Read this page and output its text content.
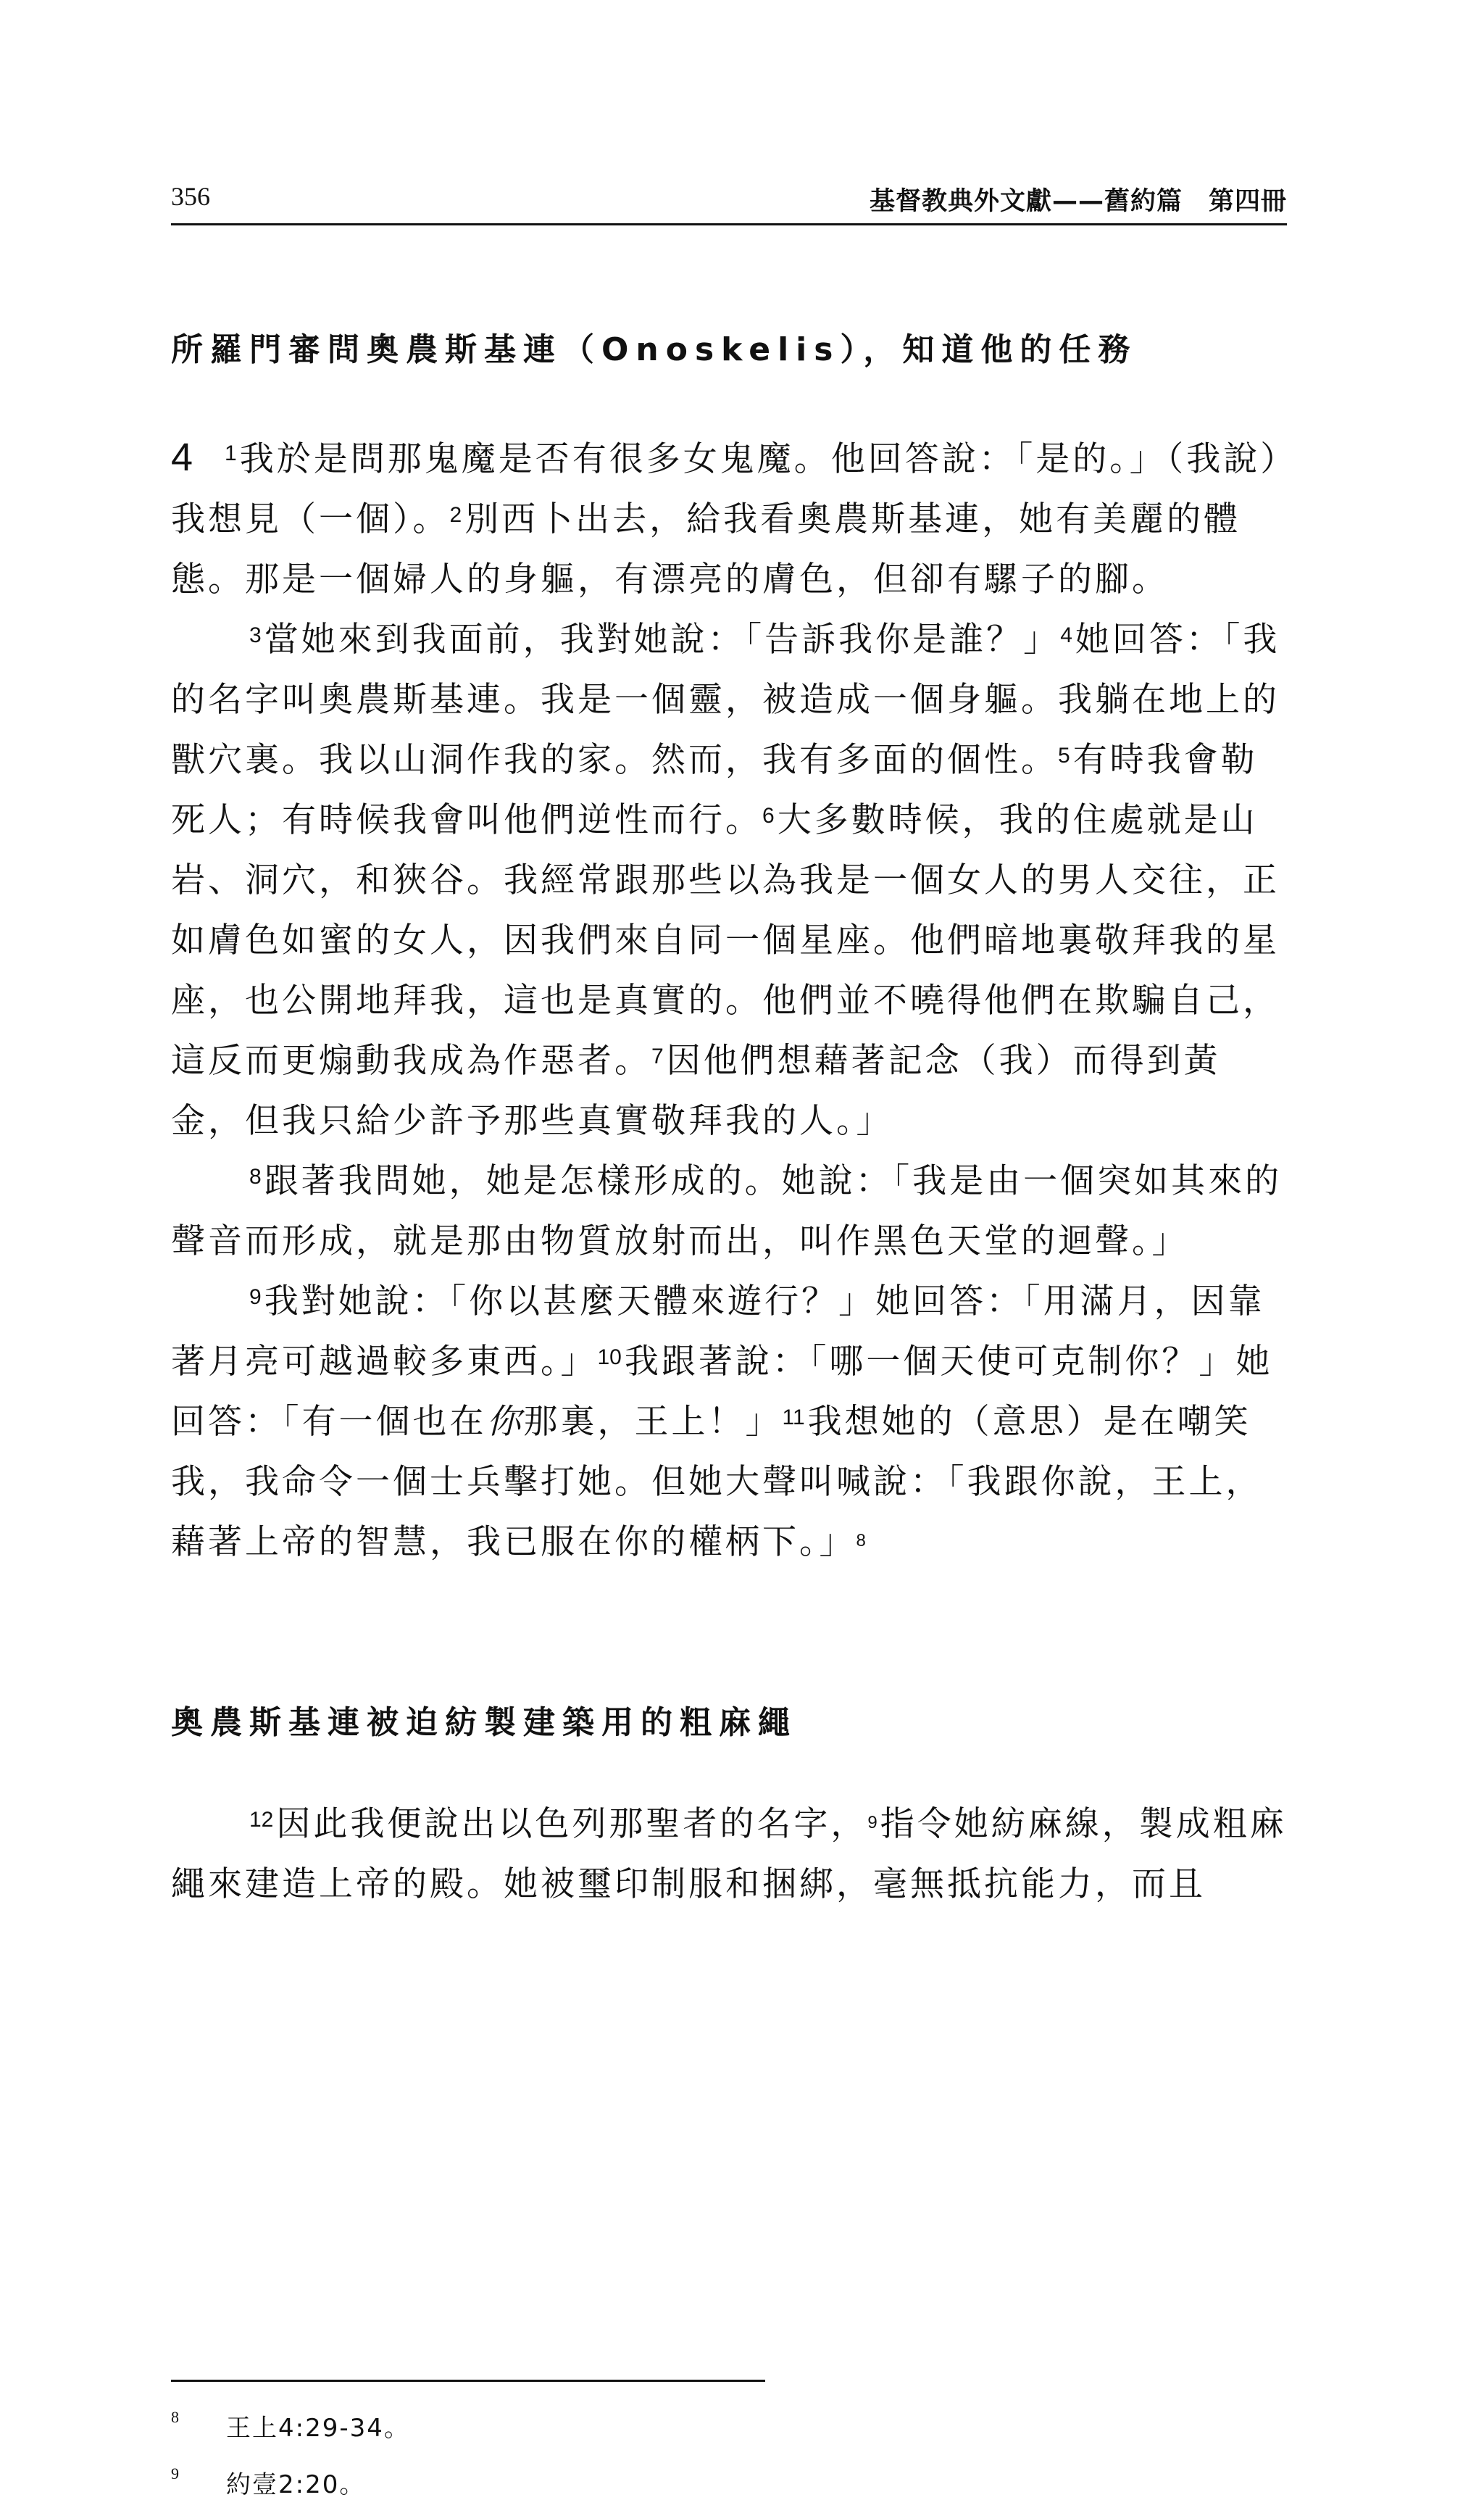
356	基督教典外文獻——舊約篇　第四冊
所羅門審問奧農斯基連（Onoskelis），知道他的任務

4 $^1$我於是問那鬼魔是否有很多女鬼魔。他回答說：「是的。」（我說）我想見（一個）。$^2$別西卜出去，給我看奧農斯基連，她有美麗的體態。那是一個婦人的身軀，有漂亮的膚色，但卻有騾子的腳。

$^3$當她來到我面前，我對她說：「告訴我你是誰？」$^4$她回答：「我的名字叫奧農斯基連。我是一個靈，被造成一個身軀。我躺在地上的獸穴裏。我以山洞作我的家。然而，我有多面的個性。$^5$有時我會勒死人；有時候我會叫他們逆性而行。$^6$大多數時候，我的住處就是山岩、洞穴，和狹谷。我經常跟那些以為我是一個女人的男人交往，正如膚色如蜜的女人，因我們來自同一個星座。他們暗地裏敬拜我的星座，也公開地拜我，這也是真實的。他們並不曉得他們在欺騙自己，這反而更煽動我成為作惡者。$^7$因他們想藉著記念（我）而得到黃金，但我只給少許予那些真實敬拜我的人。」

$^8$跟著我問她，她是怎樣形成的。她說：「我是由一個突如其來的聲音而形成，就是那由物質放射而出，叫作黑色天堂的迴聲。」

$^9$我對她說：「你以甚麼天體來遊行？」她回答：「用滿月，因靠著月亮可越過較多東西。」$^{10}$我跟著說：「哪一個天使可克制你？」她回答：「有一個也在你那裏，王上！」$^{11}$我想她的（意思）是在嘲笑我，我命令一個士兵擊打她。但她大聲叫喊說：「我跟你說，王上，藉著上帝的智慧，我已服在你的權柄下。」$^8$

奧農斯基連被迫紡製建築用的粗麻繩

$^{12}$因此我便說出以色列那聖者的名字，$^9$指令她紡麻線，製成粗麻繩來建造上帝的殿。她被璽印制服和捆綁，毫無抵抗能力，而且

8 王上4:29-34。
9 約壹2:20。
